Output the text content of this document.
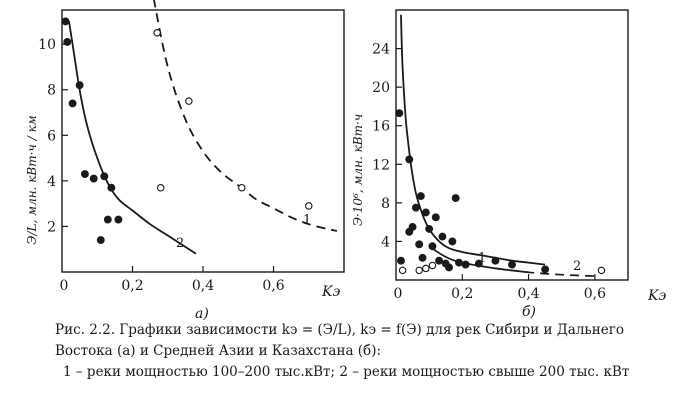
2
4
6
8
10
0,2	0,4	0,6
0
Э/L, млн. кВт·ч / км
Kэ
а)
1
2	4
8
12
16
20
24
0,2	0,4	0,6
0
Э·10⁶, млн. кВт·ч
Kэ
б)
1
2
Рис. 2.2. Графики зависимости kэ = (Э/L), kэ = f(Э) для рек Сибири и Дальнего
Востока (а) и Средней Азии и Казахстана (б):
1 – реки мощностью 100–200 тыс.кВт; 2 – реки мощностью свыше 200 тыс. кВт
